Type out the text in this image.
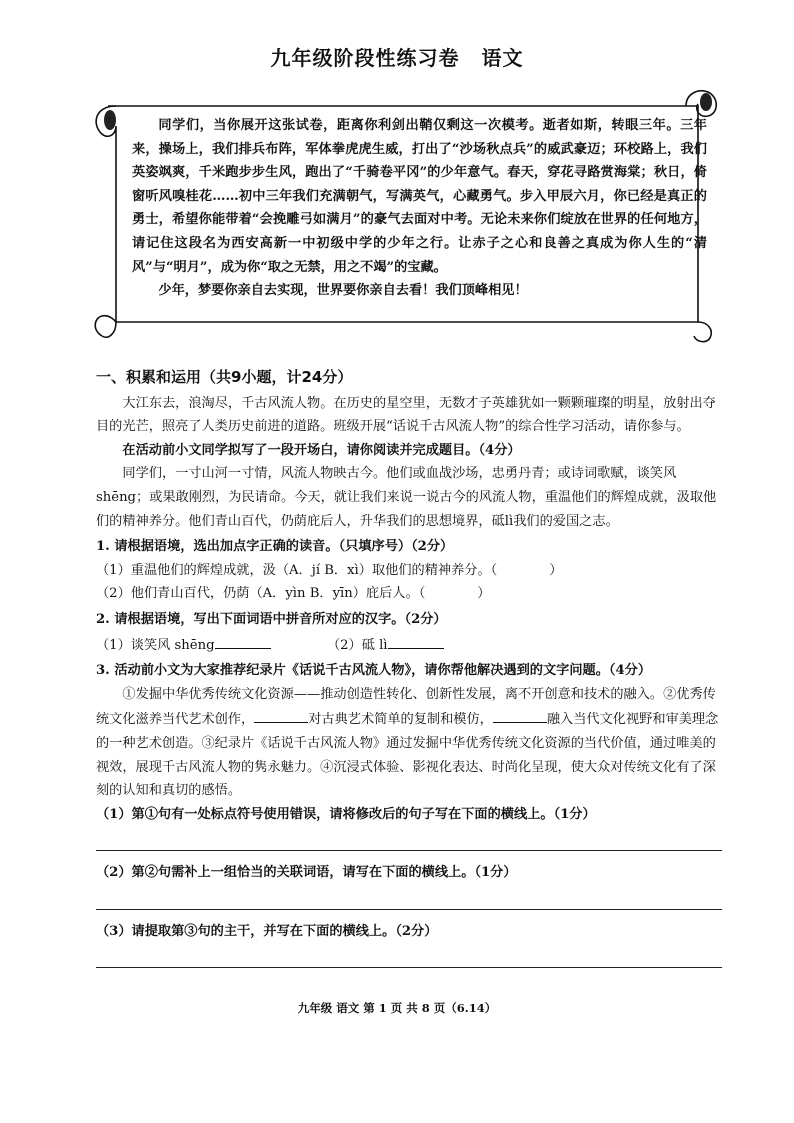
九年级阶段性练习卷 语文

同学们，当你展开这张试卷，距离你利剑出鞘仅剩这一次模考。逝者如斯，转眼三年。三年来，操场上，我们排兵布阵，军体拳虎虎生威，打出了“沙场秋点兵”的威武豪迈；环校路上，我们英姿飒爽，千米跑步步生风，跑出了“千骑卷平冈”的少年意气。春天，穿花寻路赏海棠；秋日，倚窗听风嗅桂花……初中三年我们充满朝气，写满英气，心藏勇气。步入甲辰六月，你已经是真正的勇士，希望你能带着“会挽雕弓如满月”的豪气去面对中考。无论未来你们绽放在世界的任何地方，请记住这段名为西安高新一中初级中学的少年之行。让赤子之心和良善之真成为你人生的“清风”与“明月”，成为你“取之无禁，用之不竭”的宝藏。

少年，梦要你亲自去实现，世界要你亲自去看！我们顶峰相见！

一、积累和运用（共9小题，计24分）

大江东去，浪淘尽，千古风流人物。在历史的星空里，无数才子英雄犹如一颗颗璀璨的明星，放射出夺目的光芒，照亮了人类历史前进的道路。班级开展“话说千古风流人物”的综合性学习活动，请你参与。

在活动前小文同学拟写了一段开场白，请你阅读并完成题目。（4分）

同学们，一寸山河一寸情，风流人物映古今。他们或血战沙场，忠勇丹青；或诗词歌赋，谈笑风shēng；或果敢刚烈，为民请命。今天，就让我们来说一说古今的风流人物，重温他们的辉煌成就，汲取他们的精神养分。他们青山百代，仍荫庇后人，升华我们的思想境界，砥lì我们的爱国之志。

1. 请根据语境，选出加点字正确的读音。（只填序号）（2分）

（1）重温他们的辉煌成就，汲（A．jí B．xì）取他们的精神养分。（	）

（2）他们青山百代，仍荫（A．yìn B．yīn）庇后人。（	）

2. 请根据语境，写出下面词语中拼音所对应的汉字。（2分）

（1）谈笑风 shēng	（2）砥 lì

3. 活动前小文为大家推荐纪录片《话说千古风流人物》，请你帮他解决遇到的文字问题。（4分）

①发掘中华优秀传统文化资源——推动创造性转化、创新性发展，离不开创意和技术的融入。②优秀传统文化滋养当代艺术创作，	对古典艺术简单的复制和模仿，	融入当代文化视野和审美理念的一种艺术创造。③纪录片《话说千古风流人物》通过发掘中华优秀传统文化资源的当代价值，通过唯美的视效，展现千古风流人物的隽永魅力。④沉浸式体验、影视化表达、时尚化呈现，使大众对传统文化有了深刻的认知和真切的感悟。

（1）第①句有一处标点符号使用错误，请将修改后的句子写在下面的横线上。（1分）

（2）第②句需补上一组恰当的关联词语，请写在下面的横线上。（1分）

（3）请提取第③句的主干，并写在下面的横线上。（2分）

九年级 语文 第 1 页 共 8 页（6.14）
